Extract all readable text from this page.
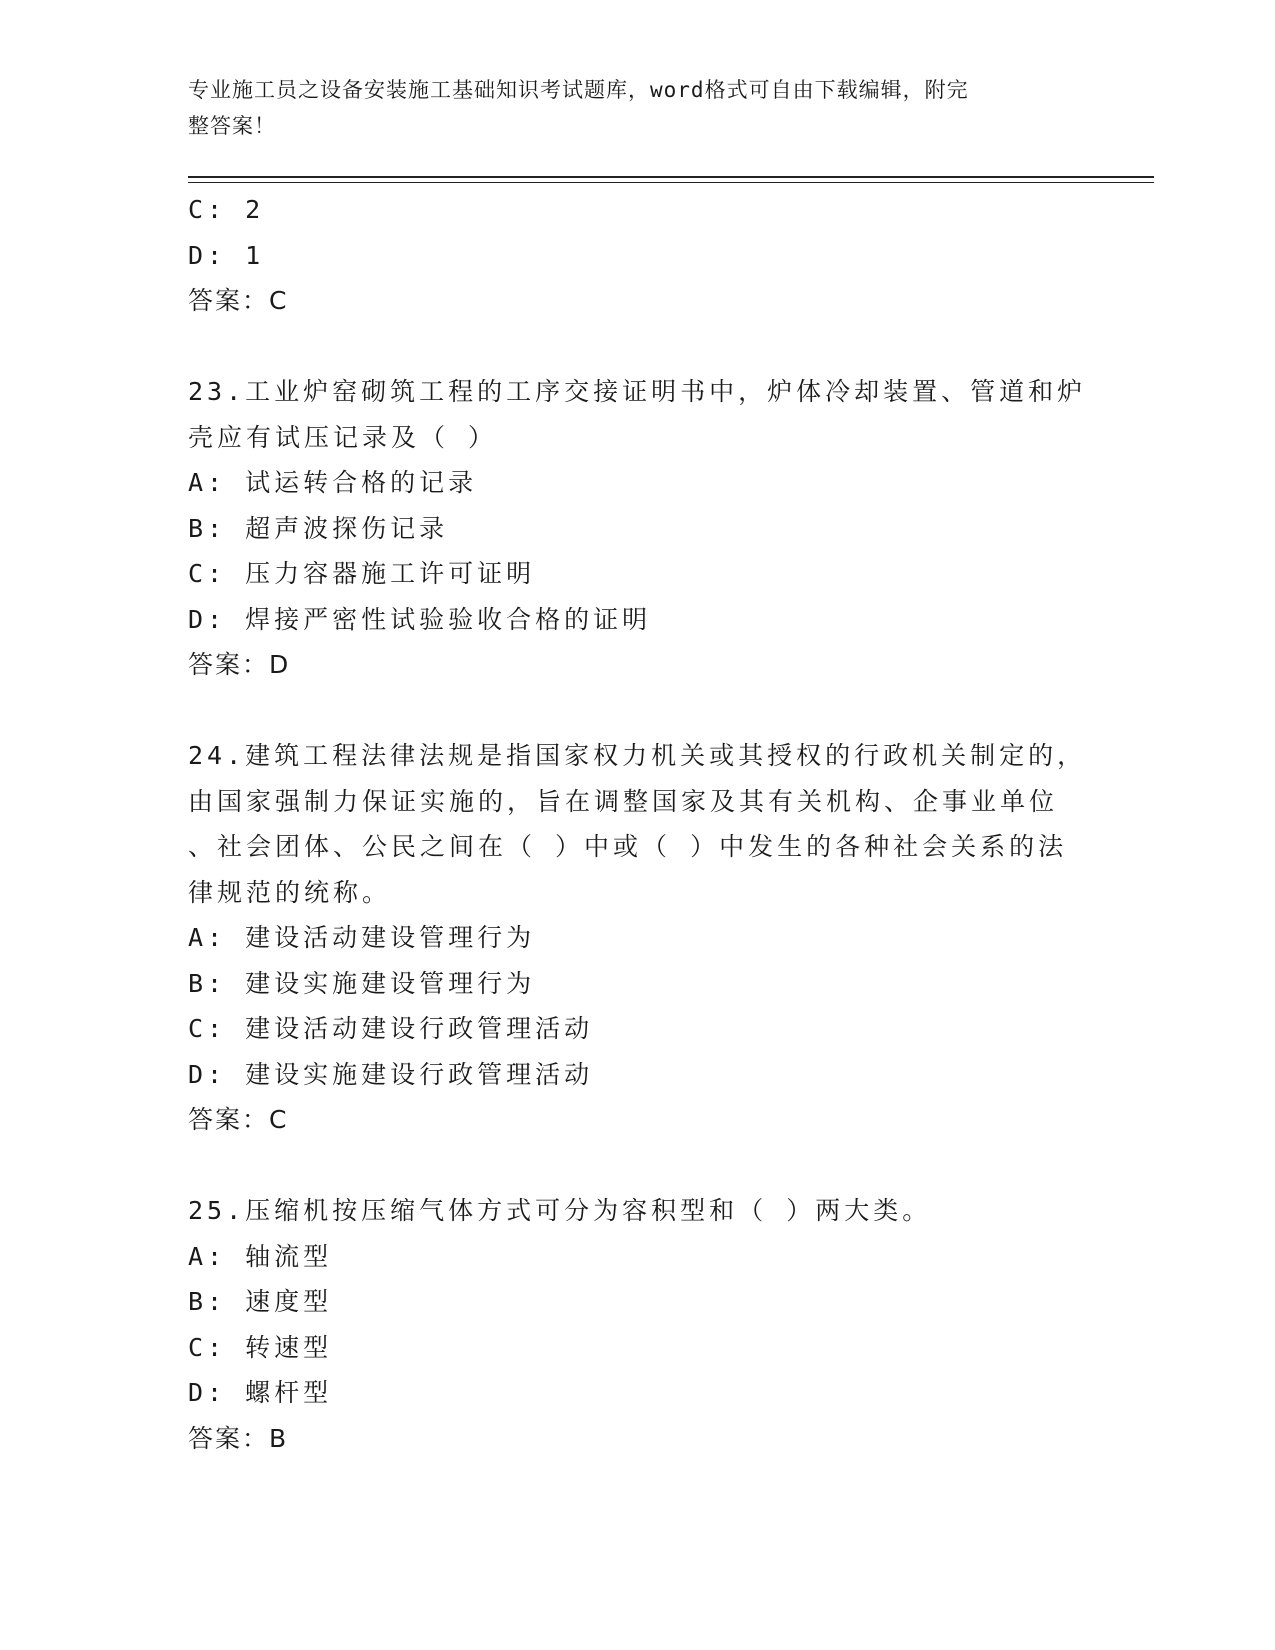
专业施工员之设备安装施工基础知识考试题库，word格式可自由下载编辑，附完
整答案！
C: 2
D: 1
答案：C
23.工业炉窑砌筑工程的工序交接证明书中，炉体冷却装置、管道和炉
壳应有试压记录及（ ）
A: 试运转合格的记录
B: 超声波探伤记录
C: 压力容器施工许可证明
D: 焊接严密性试验验收合格的证明
答案：D
24.建筑工程法律法规是指国家权力机关或其授权的行政机关制定的，
由国家强制力保证实施的，旨在调整国家及其有关机构、企事业单位
、社会团体、公民之间在（ ）中或（ ）中发生的各种社会关系的法
律规范的统称。
A: 建设活动建设管理行为
B: 建设实施建设管理行为
C: 建设活动建设行政管理活动
D: 建设实施建设行政管理活动
答案：C
25.压缩机按压缩气体方式可分为容积型和（ ）两大类。
A: 轴流型
B: 速度型
C: 转速型
D: 螺杆型
答案：B
